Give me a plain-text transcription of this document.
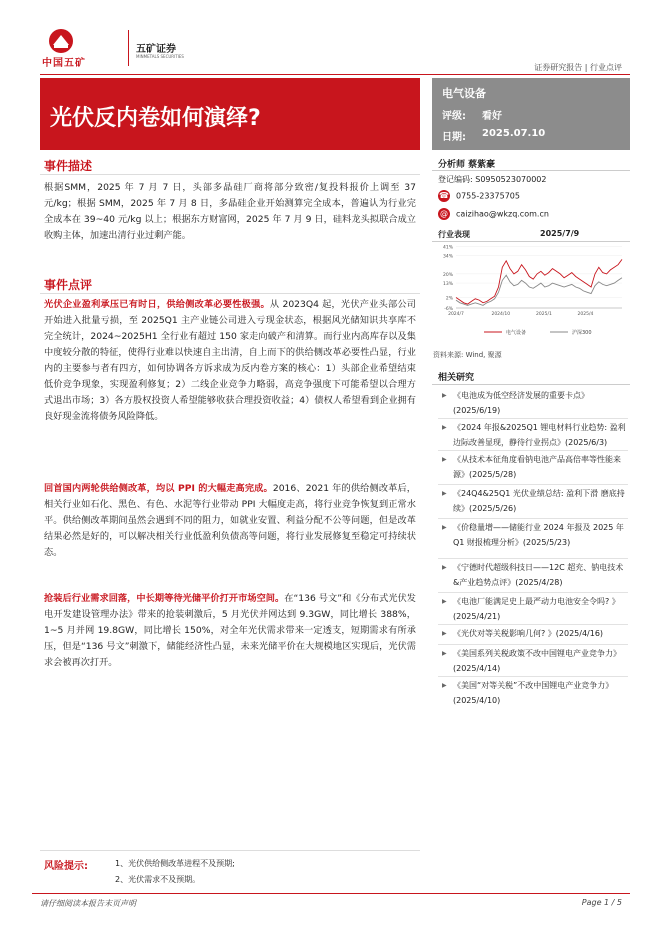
中国五矿
五矿证券
MINMETALS SECURITIES
证券研究报告 | 行业点评
光伏反内卷如何演绎?
电气设备
评级: 看好
日期: 2025.07.10
事件描述
根据SMM，2025 年 7 月 7 日，头部多晶硅厂商将部分致密/复投料报价上调至 37 元/kg；根据 SMM，2025 年 7 月 8 日，多晶硅企业开始测算完全成本，普遍认为行业完全成本在 39~40 元/kg 以上；根据东方财富网，2025 年 7 月 9 日，硅料龙头拟联合成立收购主体，加速出清行业过剩产能。
事件点评
光伏企业盈利承压已有时日，供给侧改革必要性极强。从 2023Q4 起，光伏产业头部公司开始进入批量亏损，至 2025Q1 主产业链公司进入亏现金状态，根据风光储知识共享库不完全统计，2024~2025H1 全行业有超过 150 家走向破产和清算。而行业内高库存以及集中度较分散的特征，使得行业难以快速自主出清，自上而下的供给侧改革必要性凸显，行业内的主要参与者有四方，如何协调各方诉求成为反内卷方案的核心：1）头部企业希望结束低价竞争现象，实现盈利修复；2）二线企业竞争力略弱，高竞争强度下可能希望以合理方式退出市场；3）各方股权投资人希望能够收获合理投资收益；4）债权人希望看到企业拥有良好现金流将债务风险降低。
回首国内两轮供给侧改革，均以 PPI 的大幅走高完成。2016、2021 年的供给侧改革后，相关行业如石化、黑色、有色、水泥等行业带动 PPI 大幅度走高，将行业竞争恢复到正常水平。供给侧改革期间虽然会遇到不同的阻力，如就业安置、利益分配不公等问题，但是改革结果必然是好的，可以解决相关行业低盈利负债高等问题，将行业发展修复至稳定可持续状态。
抢装后行业需求回落，中长期等待光储平价打开市场空间。在“136 号文”和《分布式光伏发电开发建设管理办法》带来的抢装刺激后，5 月光伏并网达到 9.3GW，同比增长 388%，1~5 月并网 19.8GW，同比增长 150%，对全年光伏需求带来一定透支，短期需求有所承压，但是“136 号文”刺激下，储能经济性凸显，未来光储平价在大规模地区实现后，光伏需求会被再次打开。
分析师 蔡紫豪
登记编码: S0950523070002
☎ 0755-23375705
@ caizihao@wkzq.com.cn
行业表现	2025/7/9
41%
34%
20%
13%
2%
-6%
2024/7	2024/10	2025/1	2025/4
电气设备	沪深300
资料来源: Wind, 聚源
相关研究
▶ 《电池成为低空经济发展的重要卡点》(2025/6/19)
▶ 《2024 年报&2025Q1 锂电材料行业趋势: 盈利边际改善显现，静待行业拐点》(2025/6/3)
▶ 《从技术本征角度看钠电池产品高倍率等性能来源》(2025/5/28)
▶ 《24Q4&25Q1 光伏业绩总结: 盈利下滑 磨底持续》(2025/5/26)
▶ 《价稳量增——储能行业 2024 年报及 2025 年 Q1 财报梳理分析》(2025/5/23)
▶ 《宁德时代超级科技日——12C 超充、钠电技术&产业趋势点评》(2025/4/28)
▶ 《电池厂能满足史上最严动力电池安全令吗? 》(2025/4/21)
▶ 《光伏对等关税影响几何? 》(2025/4/16)
▶ 《美国系列关税政策不改中国锂电产业竞争力》(2025/4/14)
▶ 《美国“对等关税”不改中国锂电产业竞争力》(2025/4/10)
风险提示:	1、光伏供给侧改革进程不及预期;
2、光伏需求不及预期。
请仔细阅读本报告末页声明	Page 1 / 5
